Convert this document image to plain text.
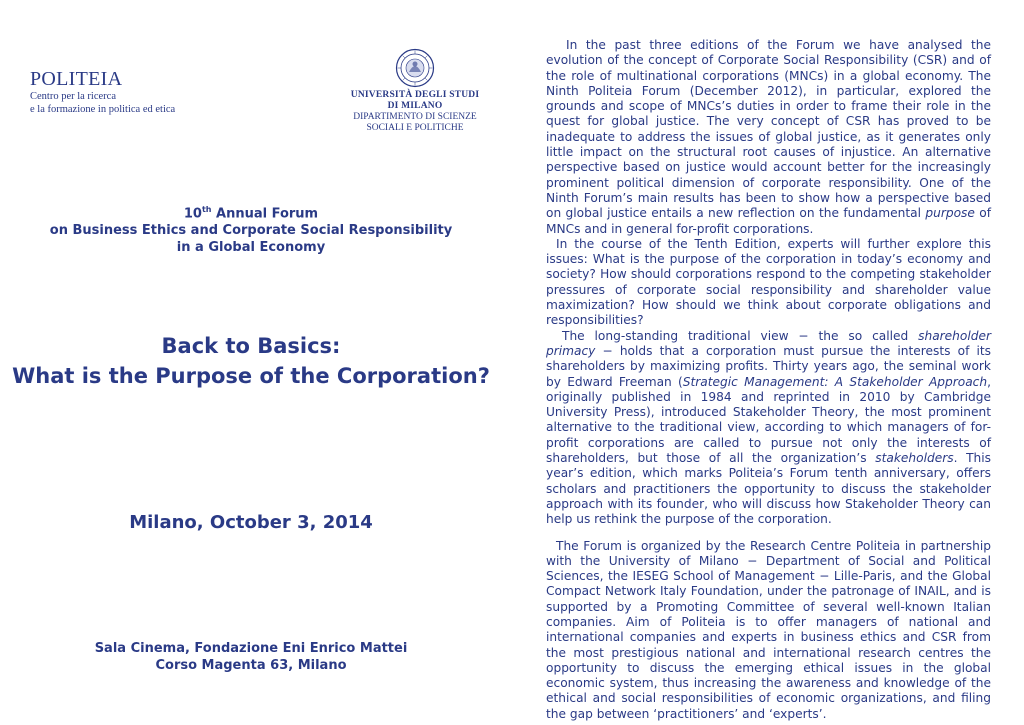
POLITEIA
Centro per la ricerca
e la formazione in politica ed etica
UNIVERSITÀ DEGLI STUDI
DI MILANO
DIPARTIMENTO DI SCIENZE
SOCIALI E POLITICHE
10th Annual Forum
on Business Ethics and Corporate Social Responsibility
in a Global Economy
Back to Basics:
What is the Purpose of the Corporation?
Milano, October 3, 2014
Sala Cinema, Fondazione Eni Enrico Mattei
Corso Magenta 63, Milano

In the past three editions of the Forum we have analysed the evolution of the concept of Corporate Social Responsibility (CSR) and of the role of multinational corporations (MNCs) in a global economy. The Ninth Politeia Forum (December 2012), in particular, explored the grounds and scope of MNCs’s duties in order to frame their role in the quest for global justice. The very concept of CSR has proved to be inadequate to address the issues of global justice, as it generates only little impact on the structural root causes of injustice. An alternative perspective based on justice would account better for the increasingly prominent political dimension of corporate responsibility. One of the Ninth Forum’s main results has been to show how a perspective based on global justice entails a new reflection on the fundamental purpose of MNCs and in general for-profit corporations.

In the course of the Tenth Edition, experts will further explore this issues: What is the purpose of the corporation in today’s economy and society? How should corporations respond to the competing stakeholder pressures of corporate social responsibility and shareholder value maximization? How should we think about corporate obligations and responsibilities?

The long-standing traditional view − the so called shareholder primacy − holds that a corporation must pursue the interests of its shareholders by maximizing profits. Thirty years ago, the seminal work by Edward Freeman (Strategic Management: A Stakeholder Approach, originally published in 1984 and reprinted in 2010 by Cambridge University Press), introduced Stakeholder Theory, the most prominent alternative to the traditional view, according to which managers of for-profit corporations are called to pursue not only the interests of shareholders, but those of all the organization’s stakeholders. This year’s edition, which marks Politeia’s Forum tenth anniversary, offers scholars and practitioners the opportunity to discuss the stakeholder approach with its founder, who will discuss how Stakeholder Theory can help us rethink the purpose of the corporation.

The Forum is organized by the Research Centre Politeia in partnership with the University of Milano − Department of Social and Political Sciences, the IESEG School of Management − Lille-Paris, and the Global Compact Network Italy Foundation, under the patronage of INAIL, and is supported by a Promoting Committee of several well-known Italian companies. Aim of Politeia is to offer managers of national and international companies and experts in business ethics and CSR from the most prestigious national and international research centres the opportunity to discuss the emerging ethical issues in the global economic system, thus increasing the awareness and knowledge of the ethical and social responsibilities of economic organizations, and filing the gap between ‘practitioners’ and ‘experts’.
